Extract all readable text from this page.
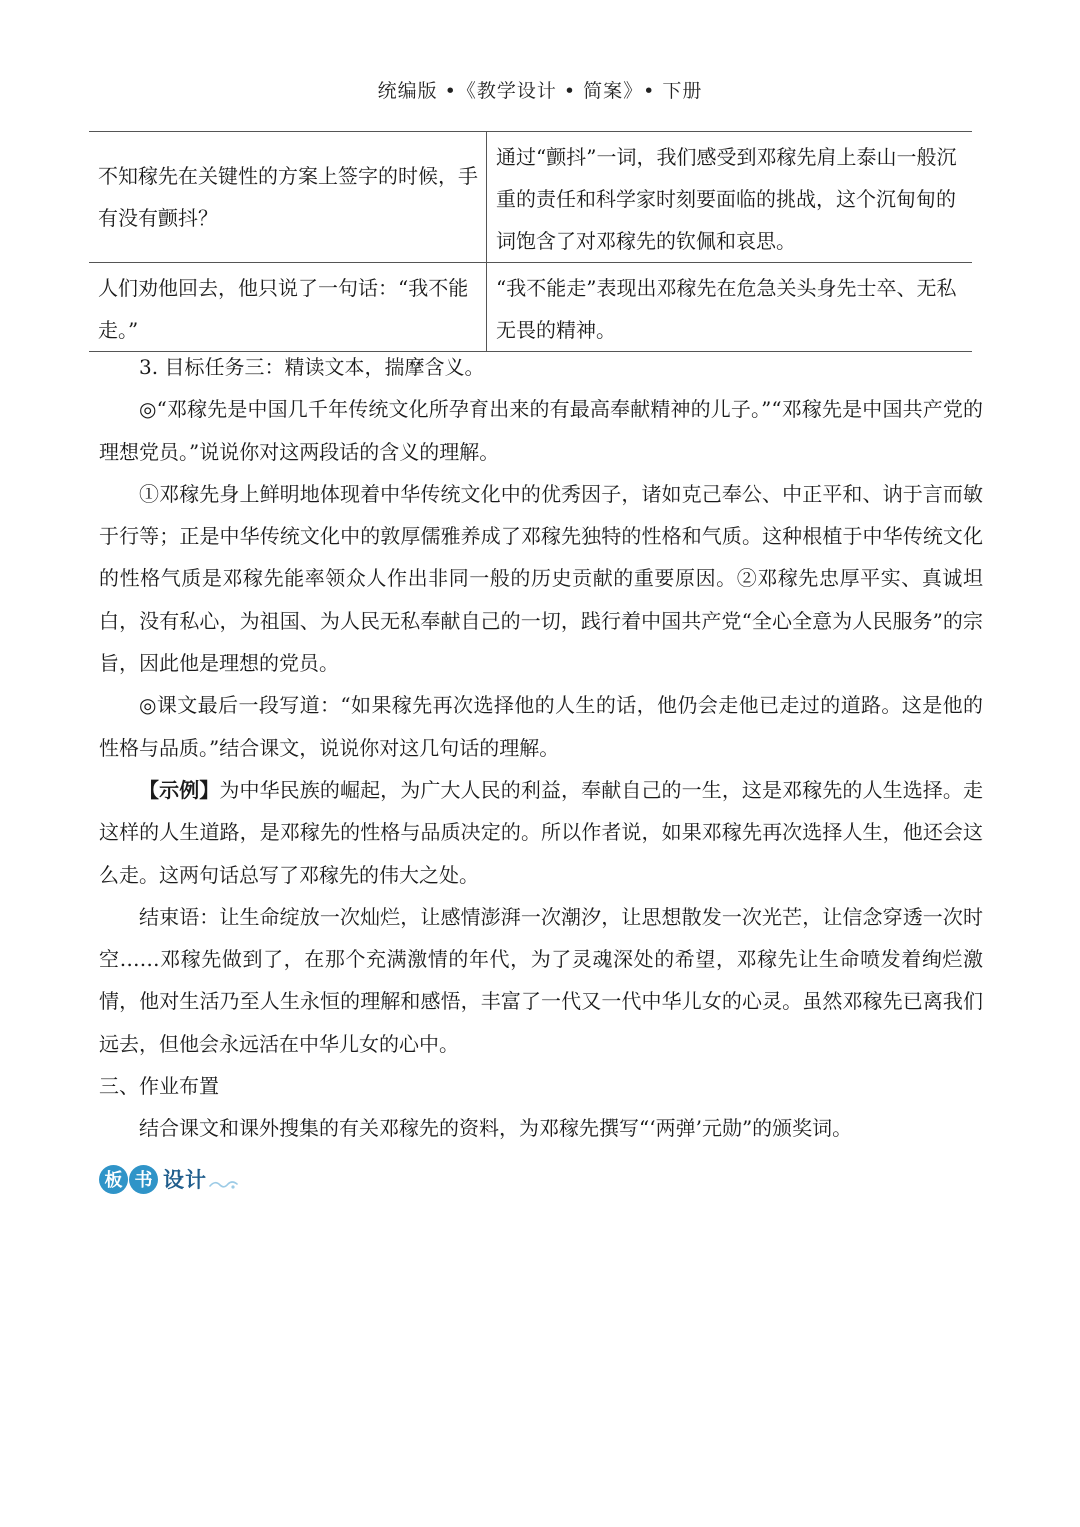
统编版 •《教学设计 • 简案》• 下册
不知稼先在关键性的方案上签字的时候，手有没有颤抖？	通过“颤抖”一词，我们感受到邓稼先肩上泰山一般沉重的责任和科学家时刻要面临的挑战，这个沉甸甸的词饱含了对邓稼先的钦佩和哀思。
人们劝他回去，他只说了一句话：“我不能走。”	“我不能走”表现出邓稼先在危急关头身先士卒、无私无畏的精神。

3. 目标任务三：精读文本，揣摩含义。

◎“邓稼先是中国几千年传统文化所孕育出来的有最高奉献精神的儿子。”“邓稼先是中国共产党的理想党员。”说说你对这两段话的含义的理解。

①邓稼先身上鲜明地体现着中华传统文化中的优秀因子，诸如克己奉公、中正平和、讷于言而敏于行等；正是中华传统文化中的敦厚儒雅养成了邓稼先独特的性格和气质。这种根植于中华传统文化的性格气质是邓稼先能率领众人作出非同一般的历史贡献的重要原因。②邓稼先忠厚平实、真诚坦白，没有私心，为祖国、为人民无私奉献自己的一切，践行着中国共产党“全心全意为人民服务”的宗旨，因此他是理想的党员。

◎课文最后一段写道：“如果稼先再次选择他的人生的话，他仍会走他已走过的道路。这是他的性格与品质。”结合课文，说说你对这几句话的理解。

【示例】为中华民族的崛起，为广大人民的利益，奉献自己的一生，这是邓稼先的人生选择。走这样的人生道路，是邓稼先的性格与品质决定的。所以作者说，如果邓稼先再次选择人生，他还会这么走。这两句话总写了邓稼先的伟大之处。

结束语：让生命绽放一次灿烂，让感情澎湃一次潮汐，让思想散发一次光芒，让信念穿透一次时空……邓稼先做到了，在那个充满激情的年代，为了灵魂深处的希望，邓稼先让生命喷发着绚烂激情，他对生活乃至人生永恒的理解和感悟，丰富了一代又一代中华儿女的心灵。虽然邓稼先已离我们远去，但他会永远活在中华儿女的心中。

三、作业布置

结合课文和课外搜集的有关邓稼先的资料，为邓稼先撰写“‘两弹’元勋”的颁奖词。

板 书 设计
